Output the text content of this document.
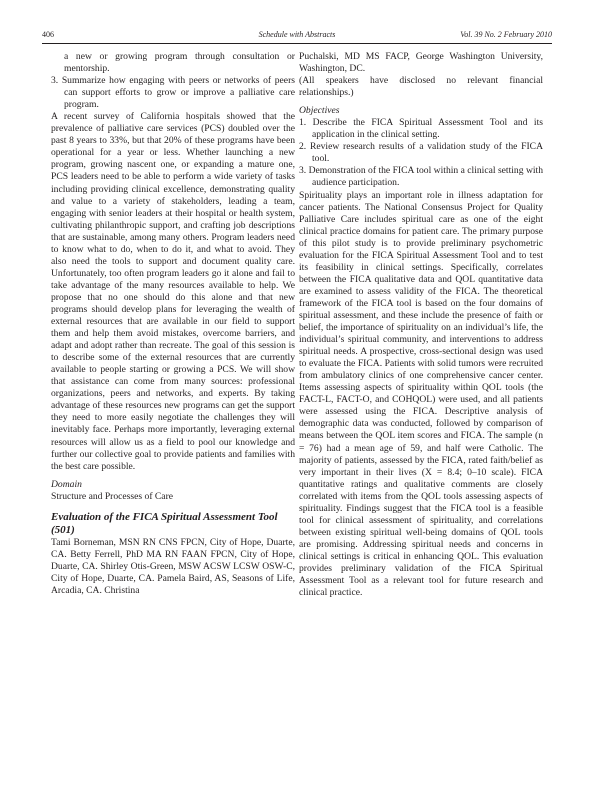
406	Schedule with Abstracts	Vol. 39 No. 2 February 2010

a new or growing program through consultation or mentorship.

3. Summarize how engaging with peers or networks of peers can support efforts to grow or improve a palliative care program.

A recent survey of California hospitals showed that the prevalence of palliative care services (PCS) doubled over the past 8 years to 33%, but that 20% of these programs have been operational for a year or less. Whether launching a new program, growing nascent one, or expanding a mature one, PCS leaders need to be able to perform a wide variety of tasks including providing clinical excellence, demonstrating quality and value to a variety of stakeholders, leading a team, engaging with senior leaders at their hospital or health system, cultivating philanthropic support, and crafting job descriptions that are sustainable, among many others. Program leaders need to know what to do, when to do it, and what to avoid. They also need the tools to support and document quality care. Unfortunately, too often program leaders go it alone and fail to take advantage of the many resources available to help. We propose that no one should do this alone and that new programs should develop plans for leveraging the wealth of external resources that are available in our field to support them and help them avoid mistakes, overcome barriers, and adapt and adopt rather than recreate. The goal of this session is to describe some of the external resources that are currently available to people starting or growing a PCS. We will show that assistance can come from many sources: professional organizations, peers and networks, and experts. By taking advantage of these resources new programs can get the support they need to more easily negotiate the challenges they will inevitably face. Perhaps more importantly, leveraging external resources will allow us as a field to pool our knowledge and further our collective goal to provide patients and families with the best care possible.

Domain

Structure and Processes of Care

Evaluation of the FICA Spiritual Assessment Tool (501)

Tami Borneman, MSN RN CNS FPCN, City of Hope, Duarte, CA. Betty Ferrell, PhD MA RN FAAN FPCN, City of Hope, Duarte, CA. Shirley Otis-Green, MSW ACSW LCSW OSW-C, City of Hope, Duarte, CA. Pamela Baird, AS, Seasons of Life, Arcadia, CA. Christina

Puchalski, MD MS FACP, George Washington University, Washington, DC.

(All speakers have disclosed no relevant financial relationships.)

Objectives

1. Describe the FICA Spiritual Assessment Tool and its application in the clinical setting.

2. Review research results of a validation study of the FICA tool.

3. Demonstration of the FICA tool within a clinical setting with audience participation.

Spirituality plays an important role in illness adaptation for cancer patients. The National Consensus Project for Quality Palliative Care includes spiritual care as one of the eight clinical practice domains for patient care. The primary purpose of this pilot study is to provide preliminary psychometric evaluation for the FICA Spiritual Assessment Tool and to test its feasibility in clinical settings. Specifically, correlates between the FICA qualitative data and QOL quantitative data are examined to assess validity of the FICA. The theoretical framework of the FICA tool is based on the four domains of spiritual assessment, and these include the presence of faith or belief, the importance of spirituality on an individual’s life, the individual’s spiritual community, and interventions to address spiritual needs. A prospective, cross-sectional design was used to evaluate the FICA. Patients with solid tumors were recruited from ambulatory clinics of one comprehensive cancer center. Items assessing aspects of spirituality within QOL tools (the FACT-L, FACT-O, and COHQOL) were used, and all patients were assessed using the FICA. Descriptive analysis of demographic data was conducted, followed by comparison of means between the QOL item scores and FICA. The sample (n = 76) had a mean age of 59, and half were Catholic. The majority of patients, assessed by the FICA, rated faith/belief as very important in their lives (X = 8.4; 0–10 scale). FICA quantitative ratings and qualitative comments are closely correlated with items from the QOL tools assessing aspects of spirituality. Findings suggest that the FICA tool is a feasible tool for clinical assessment of spirituality, and correlations between existing spiritual well-being domains of QOL tools are promising. Addressing spiritual needs and concerns in clinical settings is critical in enhancing QOL. This evaluation provides preliminary validation of the FICA Spiritual Assessment Tool as a relevant tool for future research and clinical practice.
